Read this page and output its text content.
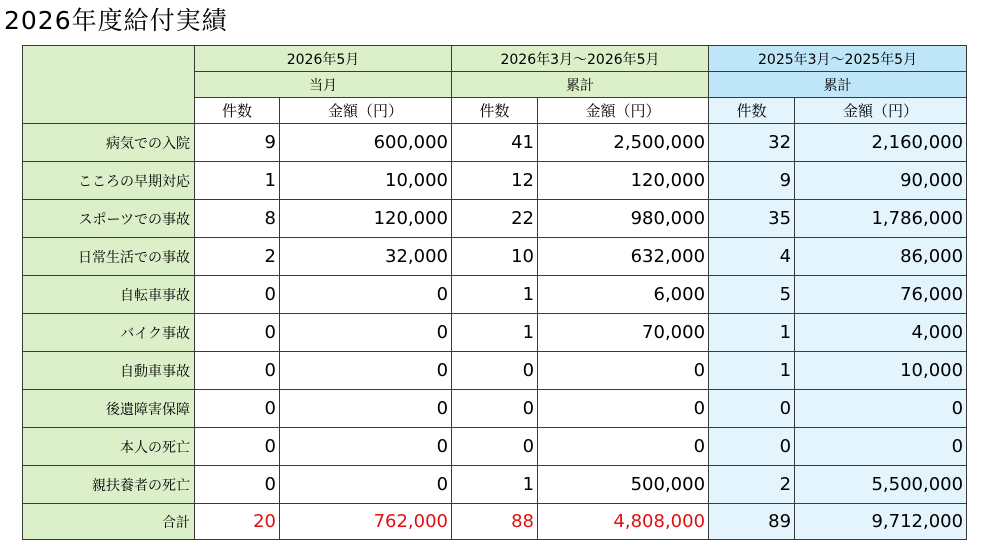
2026年度給付実績
	2026年5月		2026年3月～2026年5月		2025年3月～2025年5月	
	当月		累計		累計	
	件数	金額（円）	件数	金額（円）	件数	金額（円）
病気での入院	9	600,000	41	2,500,000	32	2,160,000
こころの早期対応	1	10,000	12	120,000	9	90,000
スポーツでの事故	8	120,000	22	980,000	35	1,786,000
日常生活での事故	2	32,000	10	632,000	4	86,000
自転車事故	0	0	1	6,000	5	76,000
バイク事故	0	0	1	70,000	1	4,000
自動車事故	0	0	0	0	1	10,000
後遺障害保障	0	0	0	0	0	0
本人の死亡	0	0	0	0	0	0
親扶養者の死亡	0	0	1	500,000	2	5,500,000
合計	20	762,000	88	4,808,000	89	9,712,000
